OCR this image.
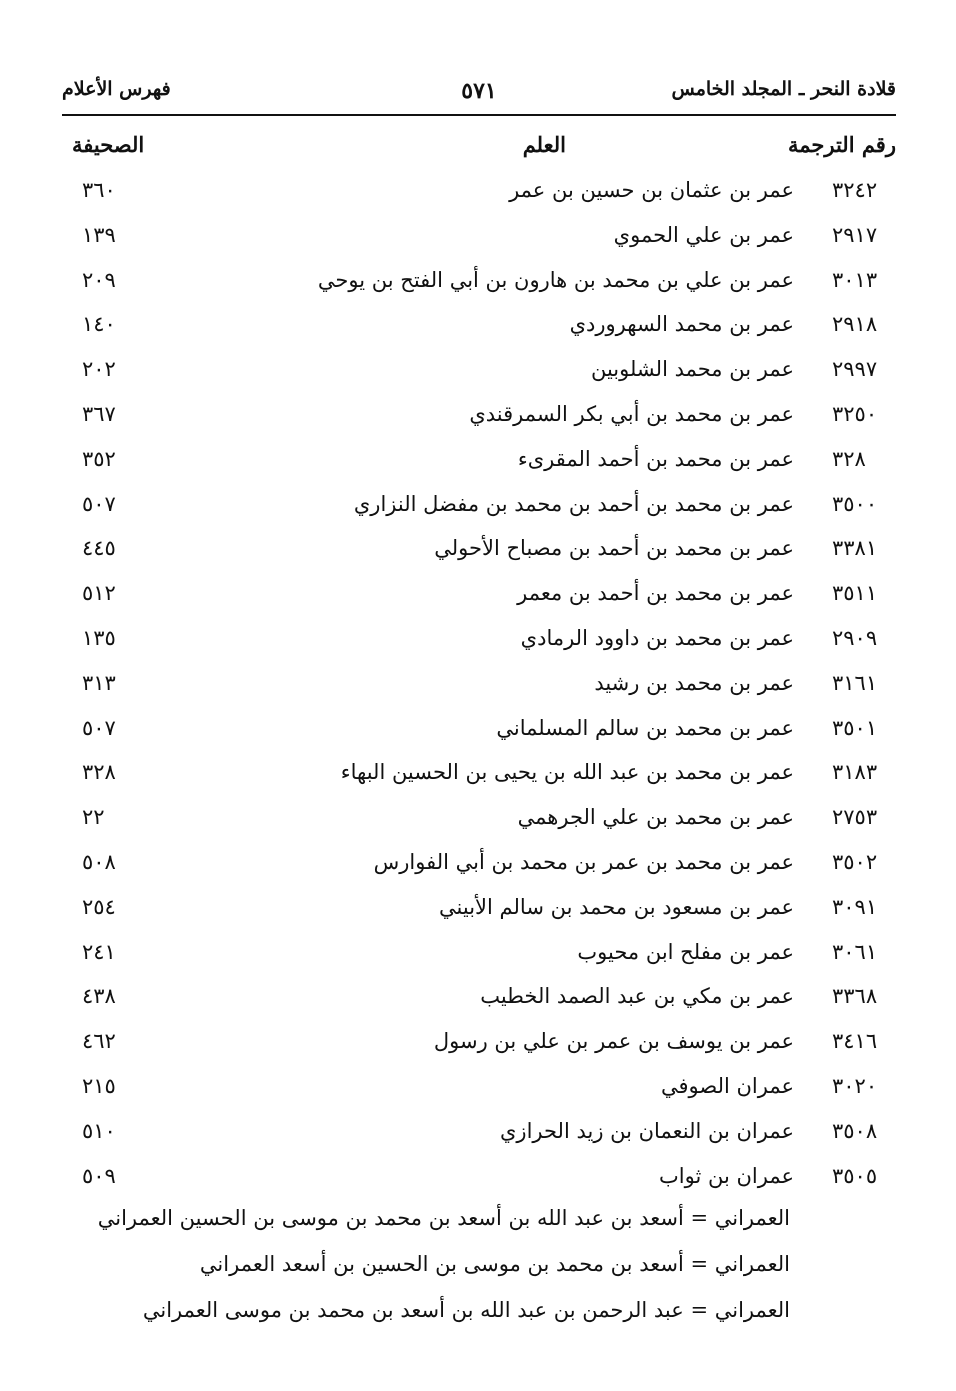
قلادة النحر ـ المجلد الخامس
٥٧١
فهرس الأعلام
رقم الترجمة
العلم
الصحيفة
٣٢٤٢
عمر بن عثمان بن حسين بن عمر
٣٦٠
٢٩١٧
عمر بن علي الحموي
١٣٩
٣٠١٣
عمر بن علي بن محمد بن هارون بن أبي الفتح بن يوحي
٢٠٩
٢٩١٨
عمر بن محمد السهروردي
١٤٠
٢٩٩٧
عمر بن محمد الشلوبين
٢٠٢
٣٢٥٠
عمر بن محمد بن أبي بكر السمرقندي
٣٦٧
٣٢٨
عمر بن محمد بن أحمد المقرىء
٣٥٢
٣٥٠٠
عمر بن محمد بن أحمد بن محمد بن مفضل النزاري
٥٠٧
٣٣٨١
عمر بن محمد بن أحمد بن مصباح الأحولي
٤٤٥
٣٥١١
عمر بن محمد بن أحمد بن معمر
٥١٢
٢٩٠٩
عمر بن محمد بن داوود الرمادي
١٣٥
٣١٦١
عمر بن محمد بن رشيد
٣١٣
٣٥٠١
عمر بن محمد بن سالم المسلماني
٥٠٧
٣١٨٣
عمر بن محمد بن عبد الله بن يحيى بن الحسين البهاء
٣٢٨
٢٧٥٣
عمر بن محمد بن علي الجرهمي
٢٢
٣٥٠٢
عمر بن محمد بن عمر بن محمد بن أبي الفوارس
٥٠٨
٣٠٩١
عمر بن مسعود بن محمد بن سالم الأبيني
٢٥٤
٣٠٦١
عمر بن مفلح ابن محيوب
٢٤١
٣٣٦٨
عمر بن مكي بن عبد الصمد الخطيب
٤٣٨
٣٤١٦
عمر بن يوسف بن عمر بن علي بن رسول
٤٦٢
٣٠٢٠
عمران الصوفي
٢١٥
٣٥٠٨
عمران بن النعمان بن زيد الحرازي
٥١٠
٣٥٠٥
عمران بن ثواب
٥٠٩
العمراني = أسعد بن عبد الله بن أسعد بن محمد بن موسى بن الحسين العمراني
العمراني = أسعد بن محمد بن موسى بن الحسين بن أسعد العمراني
العمراني = عبد الرحمن بن عبد الله بن أسعد بن محمد بن موسى العمراني
